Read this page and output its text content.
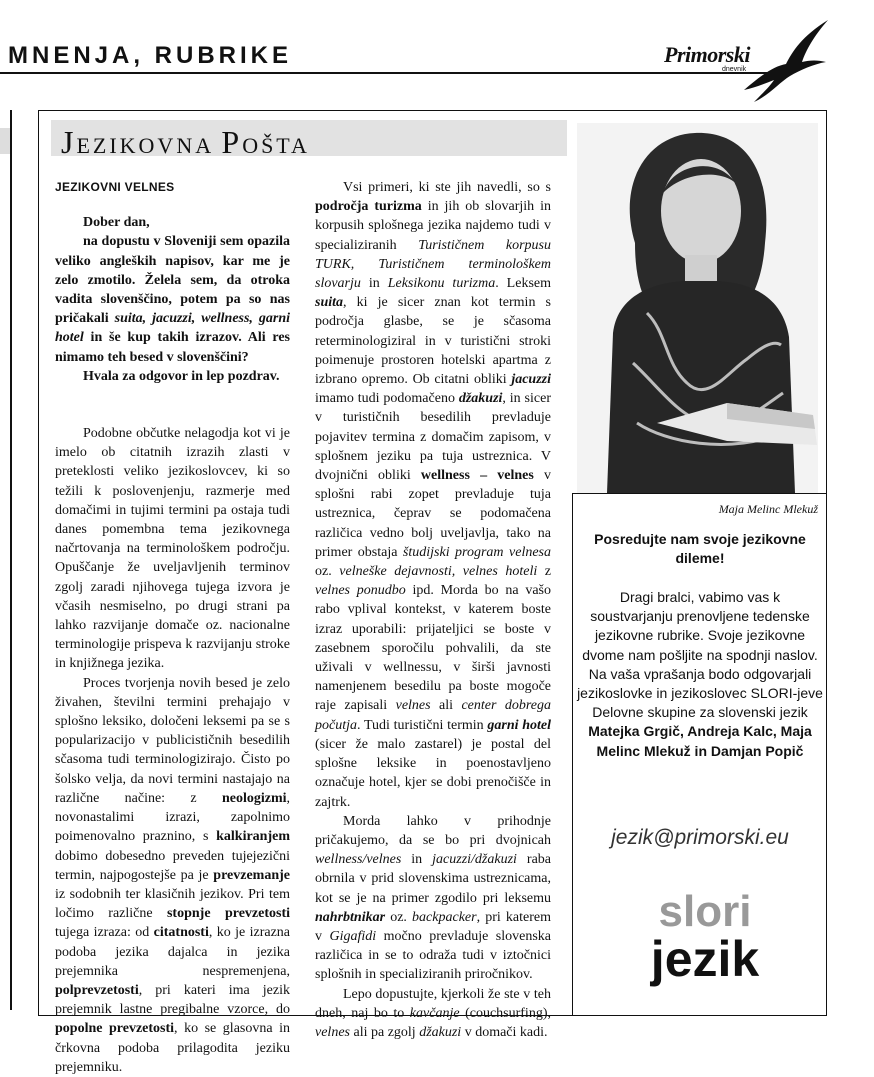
MNENJA, RUBRIKE	Primorski
dnevnik
JEZIKOVNA POŠTA

JEZIKOVNI VELNES

Dober dan,

na dopustu v Sloveniji sem opazila veliko angleških napisov, kar me je zelo zmotilo. Želela sem, da otroka vadita slovenščino, potem pa so nas pričakali suita, jacuzzi, wellness, garni hotel in še kup takih izrazov. Ali res nimamo teh besed v slovenščini?

Hvala za odgovor in lep pozdrav.

Podobne občutke nelagodja kot vi je imelo ob citatnih izrazih zlasti v preteklosti veliko jezikoslovcev, ki so težili k poslovenjenju, razmerje med domačimi in tujimi termini pa ostaja tudi danes pomembna tema jezikovnega načrtovanja na terminološkem področju. Opuščanje že uveljavljenih terminov zgolj zaradi njihovega tujega izvora je včasih nesmiselno, po drugi strani pa lahko razvijanje domače oz. nacionalne terminologije prispeva k razvijanju stroke in knjižnega jezika.

Proces tvorjenja novih besed je zelo živahen, številni termini prehajajo v splošno leksiko, določeni leksemi pa se s popularizacijo v publicističnih besedilih sčasoma tudi terminologizirajo. Čisto po šolsko velja, da novi termini nastajajo na različne načine: z neologizmi, novonastalimi izrazi, zapolnimo poimenovalno praznino, s kalkiranjem dobimo dobesedno preveden tujejezični termin, najpogostejše pa je prevzemanje iz sodobnih ter klasičnih jezikov. Pri tem ločimo različne stopnje prevzetosti tujega izraza: od citatnosti, ko je izrazna podoba jezika dajalca in jezika prejemnika nespremenjena, polprevzetosti, pri kateri ima jezik prejemnik lastne pregibalne vzorce, do popolne prevzetosti, ko se glasovna in črkovna podoba prilagodita jeziku prejemniku.

Vsi primeri, ki ste jih navedli, so s področja turizma in jih ob slovarjih in korpusih splošnega jezika najdemo tudi v specializiranih Turističnem korpusu TURK, Turističnem terminološkem slovarju in Leksikonu turizma. Leksem suita, ki je sicer znan kot termin s področja glasbe, se je sčasoma reterminologiziral in v turistični stroki poimenuje prostoren hotelski apartma z izbrano opremo. Ob citatni obliki jacuzzi imamo tudi podomačeno džakuzi, in sicer v turističnih besedilih prevladuje pojavitev termina z domačim zapisom, v splošnem jeziku pa tuja ustreznica. V dvojnični obliki wellness – velnes v splošni rabi zopet prevladuje tuja ustreznica, čeprav se podomačena različica vedno bolj uveljavlja, tako na primer obstaja študijski program velnesa oz. velneške dejavnosti, velnes hoteli z velnes ponudbo ipd. Morda bo na vašo rabo vplival kontekst, v katerem boste izraz uporabili: prijateljici se boste v zasebnem sporočilu pohvalili, da ste uživali v wellnessu, v širši javnosti namenjenem besedilu pa boste mogoče raje zapisali velnes ali center dobrega počutja. Tudi turistični termin garni hotel (sicer že malo zastarel) je postal del splošne leksike in poenostavljeno označuje hotel, kjer se dobi prenočišče in zajtrk.

Morda lahko v prihodnje pričakujemo, da se bo pri dvojnicah wellness/velnes in jacuzzi/džakuzi raba obrnila v prid slovenskima ustreznicama, kot se je na primer zgodilo pri leksemu nahrbtnikar oz. backpacker, pri katerem v Gigafidi močno prevladuje slovenska različica in se to odraža tudi v iztočnici splošnih in specializiranih priročnikov.

Lepo dopustujte, kjerkoli že ste v teh dneh, naj bo to kavčanje (couchsurfing), velnes ali pa zgolj džakuzi v domači kadi.

Maja Melinc Mlekuž
Posredujte nam svoje jezikovne dileme!
Dragi bralci, vabimo vas k soustvarjanju prenovljene tedenske jezikovne rubrike. Svoje jezikovne dvome nam pošljite na spodnji naslov. Na vaša vprašanja bodo odgovarjali jezikoslovke in jezikoslovec SLORI-jeve Delovne skupine za slovenski jezik
Matejka Grgič, Andreja Kalc, Maja Melinc Mlekuž in Damjan Popič
jezik@primorski.eu
slori
jezik
